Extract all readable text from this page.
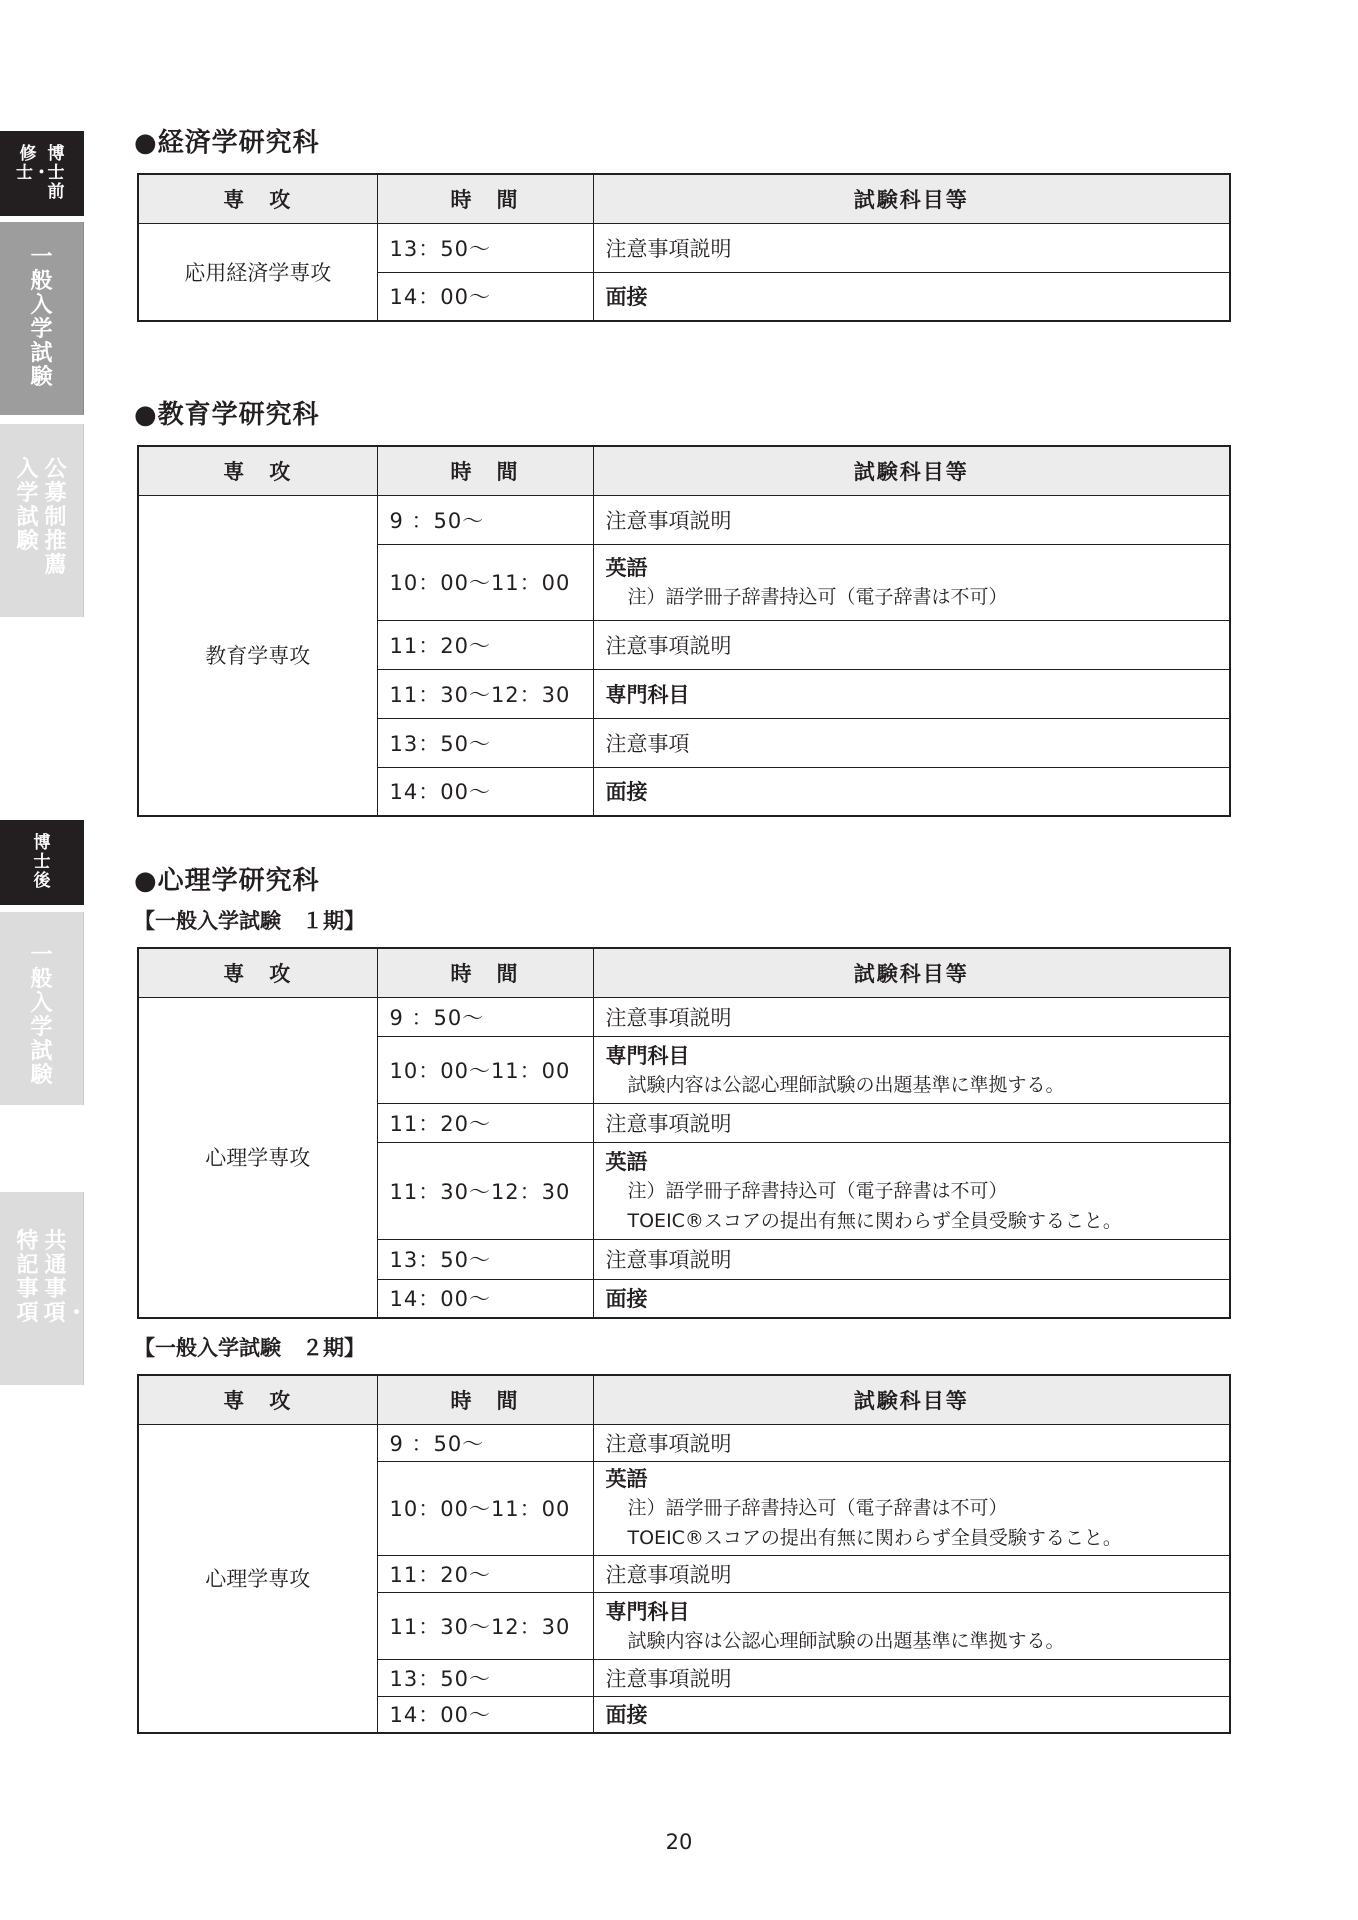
博士前
修士・
一般入学試験
公募制推薦
入学試験
博士後
一般入学試験
共通事項・
特記事項
●経済学研究科
専　攻	時　間	試験科目等
応用経済学専攻	13：50〜	注意事項説明

	14：00〜	面接
●教育学研究科
専　攻	時　間	試験科目等
教育学専攻	9 ：50〜	注意事項説明

	10：00〜11：00	英語
注）語学冊子辞書持込可（電子辞書は不可）

	11：20〜	注意事項説明

	11：30〜12：30	専門科目

	13：50〜	注意事項

	14：00〜	面接
●心理学研究科
【一般入学試験　１期】
専　攻	時　間	試験科目等
心理学専攻	9 ：50〜	注意事項説明

	10：00〜11：00	専門科目
試験内容は公認心理師試験の出題基準に準拠する。

	11：20〜	注意事項説明

	11：30〜12：30	英語
注）語学冊子辞書持込可（電子辞書は不可）
TOEIC®スコアの提出有無に関わらず全員受験すること。

	13：50〜	注意事項説明

	14：00〜	面接
【一般入学試験　２期】
専　攻	時　間	試験科目等
心理学専攻	9 ：50〜	注意事項説明

	10：00〜11：00	英語
注）語学冊子辞書持込可（電子辞書は不可）
TOEIC®スコアの提出有無に関わらず全員受験すること。

	11：20〜	注意事項説明

	11：30〜12：30	専門科目
試験内容は公認心理師試験の出題基準に準拠する。

	13：50〜	注意事項説明

	14：00〜	面接
20
